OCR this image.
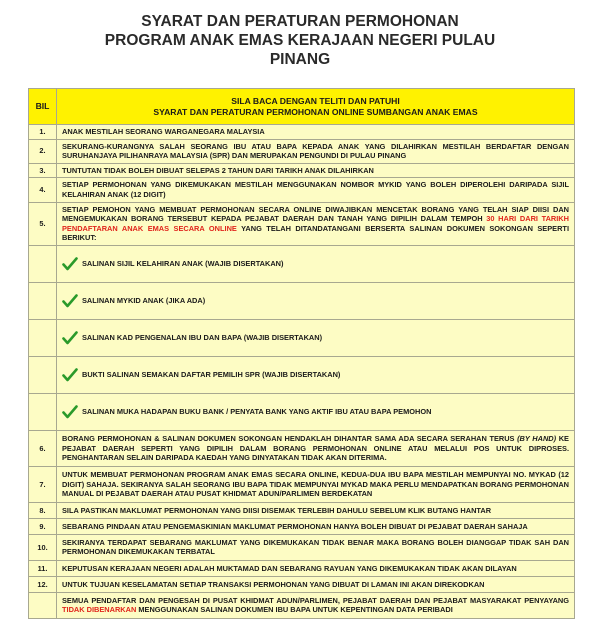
SYARAT DAN PERATURAN PERMOHONAN
PROGRAM ANAK EMAS KERAJAAN NEGERI PULAU
PINANG
BIL	SILA BACA DENGAN TELITI DAN PATUHI
SYARAT DAN PERATURAN PERMOHONAN ONLINE SUMBANGAN ANAK EMAS

1.	ANAK MESTILAH SEORANG WARGANEGARA MALAYSIA
2.	SEKURANG-KURANGNYA SALAH SEORANG IBU ATAU BAPA KEPADA ANAK YANG DILAHIRKAN MESTILAH BERDAFTAR DENGAN SURUHANJAYA PILIHANRAYA MALAYSIA (SPR) DAN MERUPAKAN PENGUNDI DI PULAU PINANG
3.	TUNTUTAN TIDAK BOLEH DIBUAT SELEPAS 2 TAHUN DARI TARIKH ANAK DILAHIRKAN
4.	SETIAP PERMOHONAN YANG DIKEMUKAKAN MESTILAH MENGGUNAKAN NOMBOR MYKID YANG BOLEH DIPEROLEHI DARIPADA SIJIL KELAHIRAN ANAK (12 DIGIT)
5.	SETIAP PEMOHON YANG MEMBUAT PERMOHONAN SECARA ONLINE DIWAJIBKAN MENCETAK BORANG YANG TELAH SIAP DIISI DAN MENGEMUKAKAN BORANG TERSEBUT KEPADA PEJABAT DAERAH DAN TANAH YANG DIPILIH DALAM TEMPOH 30 HARI DARI TARIKH PENDAFTARAN ANAK EMAS SECARA ONLINE YANG TELAH DITANDATANGANI BERSERTA SALINAN DOKUMEN SOKONGAN SEPERTI BERIKUT:

	SALINAN SIJIL KELAHIRAN ANAK (WAJIB DISERTAKAN)

	SALINAN MYKID ANAK (JIKA ADA)

	SALINAN KAD PENGENALAN IBU DAN BAPA (WAJIB DISERTAKAN)

	BUKTI SALINAN SEMAKAN DAFTAR PEMILIH SPR (WAJIB DISERTAKAN)

	SALINAN MUKA HADAPAN BUKU BANK / PENYATA BANK YANG AKTIF IBU ATAU BAPA PEMOHON

6.	BORANG PERMOHONAN & SALINAN DOKUMEN SOKONGAN HENDAKLAH DIHANTAR SAMA ADA SECARA SERAHAN TERUS (BY HAND) KE PEJABAT DAERAH SEPERTI YANG DIPILIH DALAM BORANG PERMOHONAN ONLINE ATAU MELALUI POS UNTUK DIPROSES. PENGHANTARAN SELAIN DARIPADA KAEDAH YANG DINYATAKAN TIDAK AKAN DITERIMA.
7.	UNTUK MEMBUAT PERMOHONAN PROGRAM ANAK EMAS SECARA ONLINE, KEDUA-DUA IBU BAPA MESTILAH MEMPUNYAI NO. MYKAD (12 DIGIT) SAHAJA. SEKIRANYA SALAH SEORANG IBU BAPA TIDAK MEMPUNYAI MYKAD MAKA PERLU MENDAPATKAN BORANG PERMOHONAN MANUAL DI PEJABAT DAERAH ATAU PUSAT KHIDMAT ADUN/PARLIMEN BERDEKATAN
8.	SILA PASTIKAN MAKLUMAT PERMOHONAN YANG DIISI DISEMAK TERLEBIH DAHULU SEBELUM KLIK BUTANG HANTAR
9.	SEBARANG PINDAAN ATAU PENGEMASKINIAN MAKLUMAT PERMOHONAN HANYA BOLEH DIBUAT DI PEJABAT DAERAH SAHAJA
10.	SEKIRANYA TERDAPAT SEBARANG MAKLUMAT YANG DIKEMUKAKAN TIDAK BENAR MAKA BORANG BOLEH DIANGGAP TIDAK SAH DAN PERMOHONAN DIKEMUKAKAN TERBATAL
11.	KEPUTUSAN KERAJAAN NEGERI ADALAH MUKTAMAD DAN SEBARANG RAYUAN YANG DIKEMUKAKAN TIDAK AKAN DILAYAN
12.	UNTUK TUJUAN KESELAMATAN SETIAP TRANSAKSI PERMOHONAN YANG DIBUAT DI LAMAN INI AKAN DIREKODKAN
	SEMUA PENDAFTAR DAN PENGESAH DI PUSAT KHIDMAT ADUN/PARLIMEN, PEJABAT DAERAH DAN PEJABAT MASYARAKAT PENYAYANG TIDAK DIBENARKAN MENGGUNAKAN SALINAN DOKUMEN IBU BAPA UNTUK KEPENTINGAN DATA PERIBADI
